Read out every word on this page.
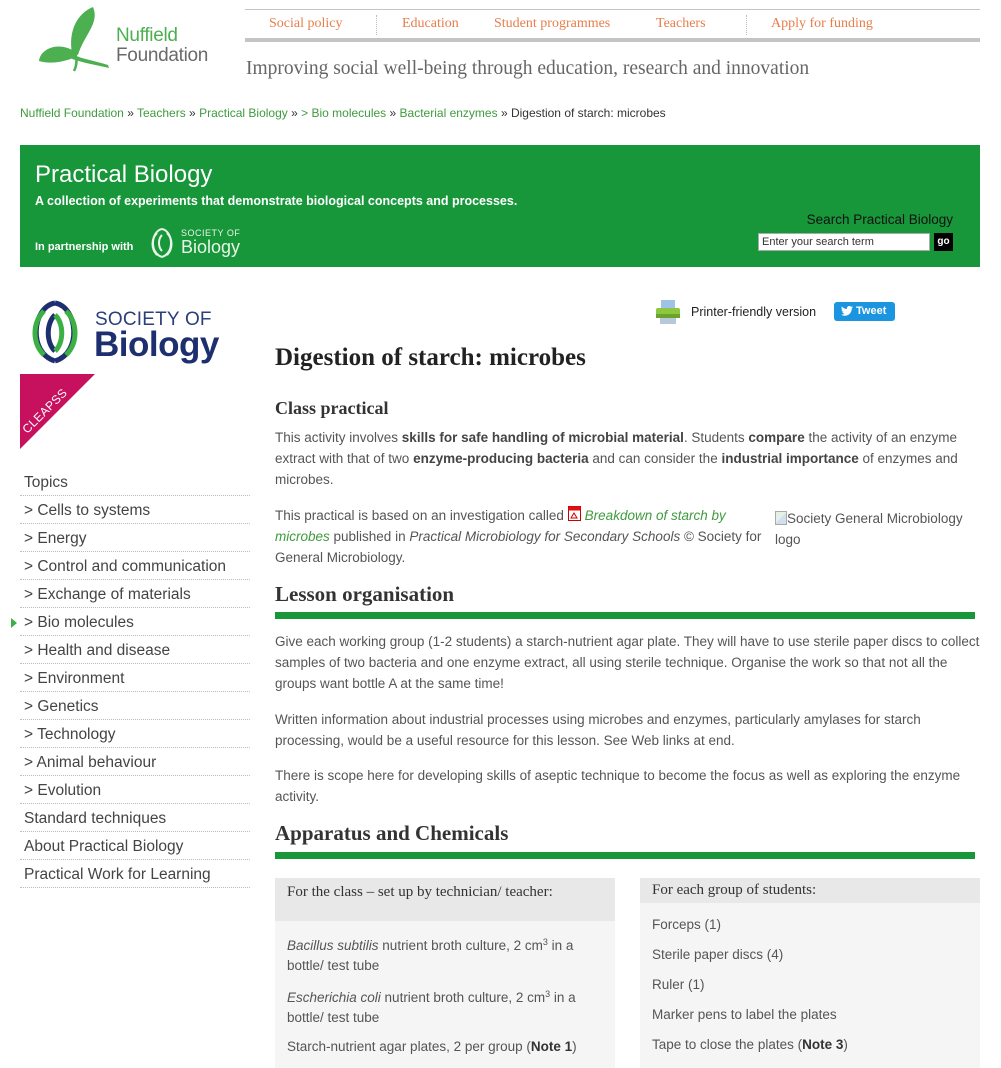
Nuffield
Foundation
Social policy	Education	Student programmes	Teachers	Apply for funding
Improving social well-being through education, research and innovation
Nuffield Foundation » Teachers » Practical Biology » > Bio molecules » Bacterial enzymes » Digestion of starch: microbes
Practical Biology
A collection of experiments that demonstrate biological concepts and processes.
In partnership with
SOCIETY OF
Biology
Search Practical Biology
Enter your search term
go
SOCIETY OF
Biology
CLEAPSS
Topics
> Cells to systems
> Energy
> Control and communication
> Exchange of materials
> Bio molecules
> Health and disease
> Environment
> Genetics
> Technology
> Animal behaviour
> Evolution
Standard techniques
About Practical Biology
Practical Work for Learning
Printer-friendly version	Tweet
Digestion of starch: microbes
Class practical

This activity involves skills for safe handling of microbial material. Students compare the activity of an enzyme extract with that of two enzyme-producing bacteria and can consider the industrial importance of enzymes and microbes.

This practical is based on an investigation called Breakdown of starch by microbes published in Practical Microbiology for Secondary Schools © Society for General Microbiology.

Society General Microbiology logo
Lesson organisation

Give each working group (1-2 students) a starch-nutrient agar plate. They will have to use sterile paper discs to collect samples of two bacteria and one enzyme extract, all using sterile technique. Organise the work so that not all the groups want bottle A at the same time!

Written information about industrial processes using microbes and enzymes, particularly amylases for starch processing, would be a useful resource for this lesson. See Web links at end.

There is scope here for developing skills of aseptic technique to become the focus as well as exploring the enzyme activity.

Apparatus and Chemicals
For the class – set up by technician/ teacher:
Bacillus subtilis nutrient broth culture, 2 $cm^3$ in a bottle/ test tube
Escherichia coli nutrient broth culture, 2 $cm^3$ in a bottle/ test tube
Starch-nutrient agar plates, 2 per group (Note 1)
For each group of students:
Forceps (1)
Sterile paper discs (4)
Ruler (1)
Marker pens to label the plates
Tape to close the plates (Note 3)
